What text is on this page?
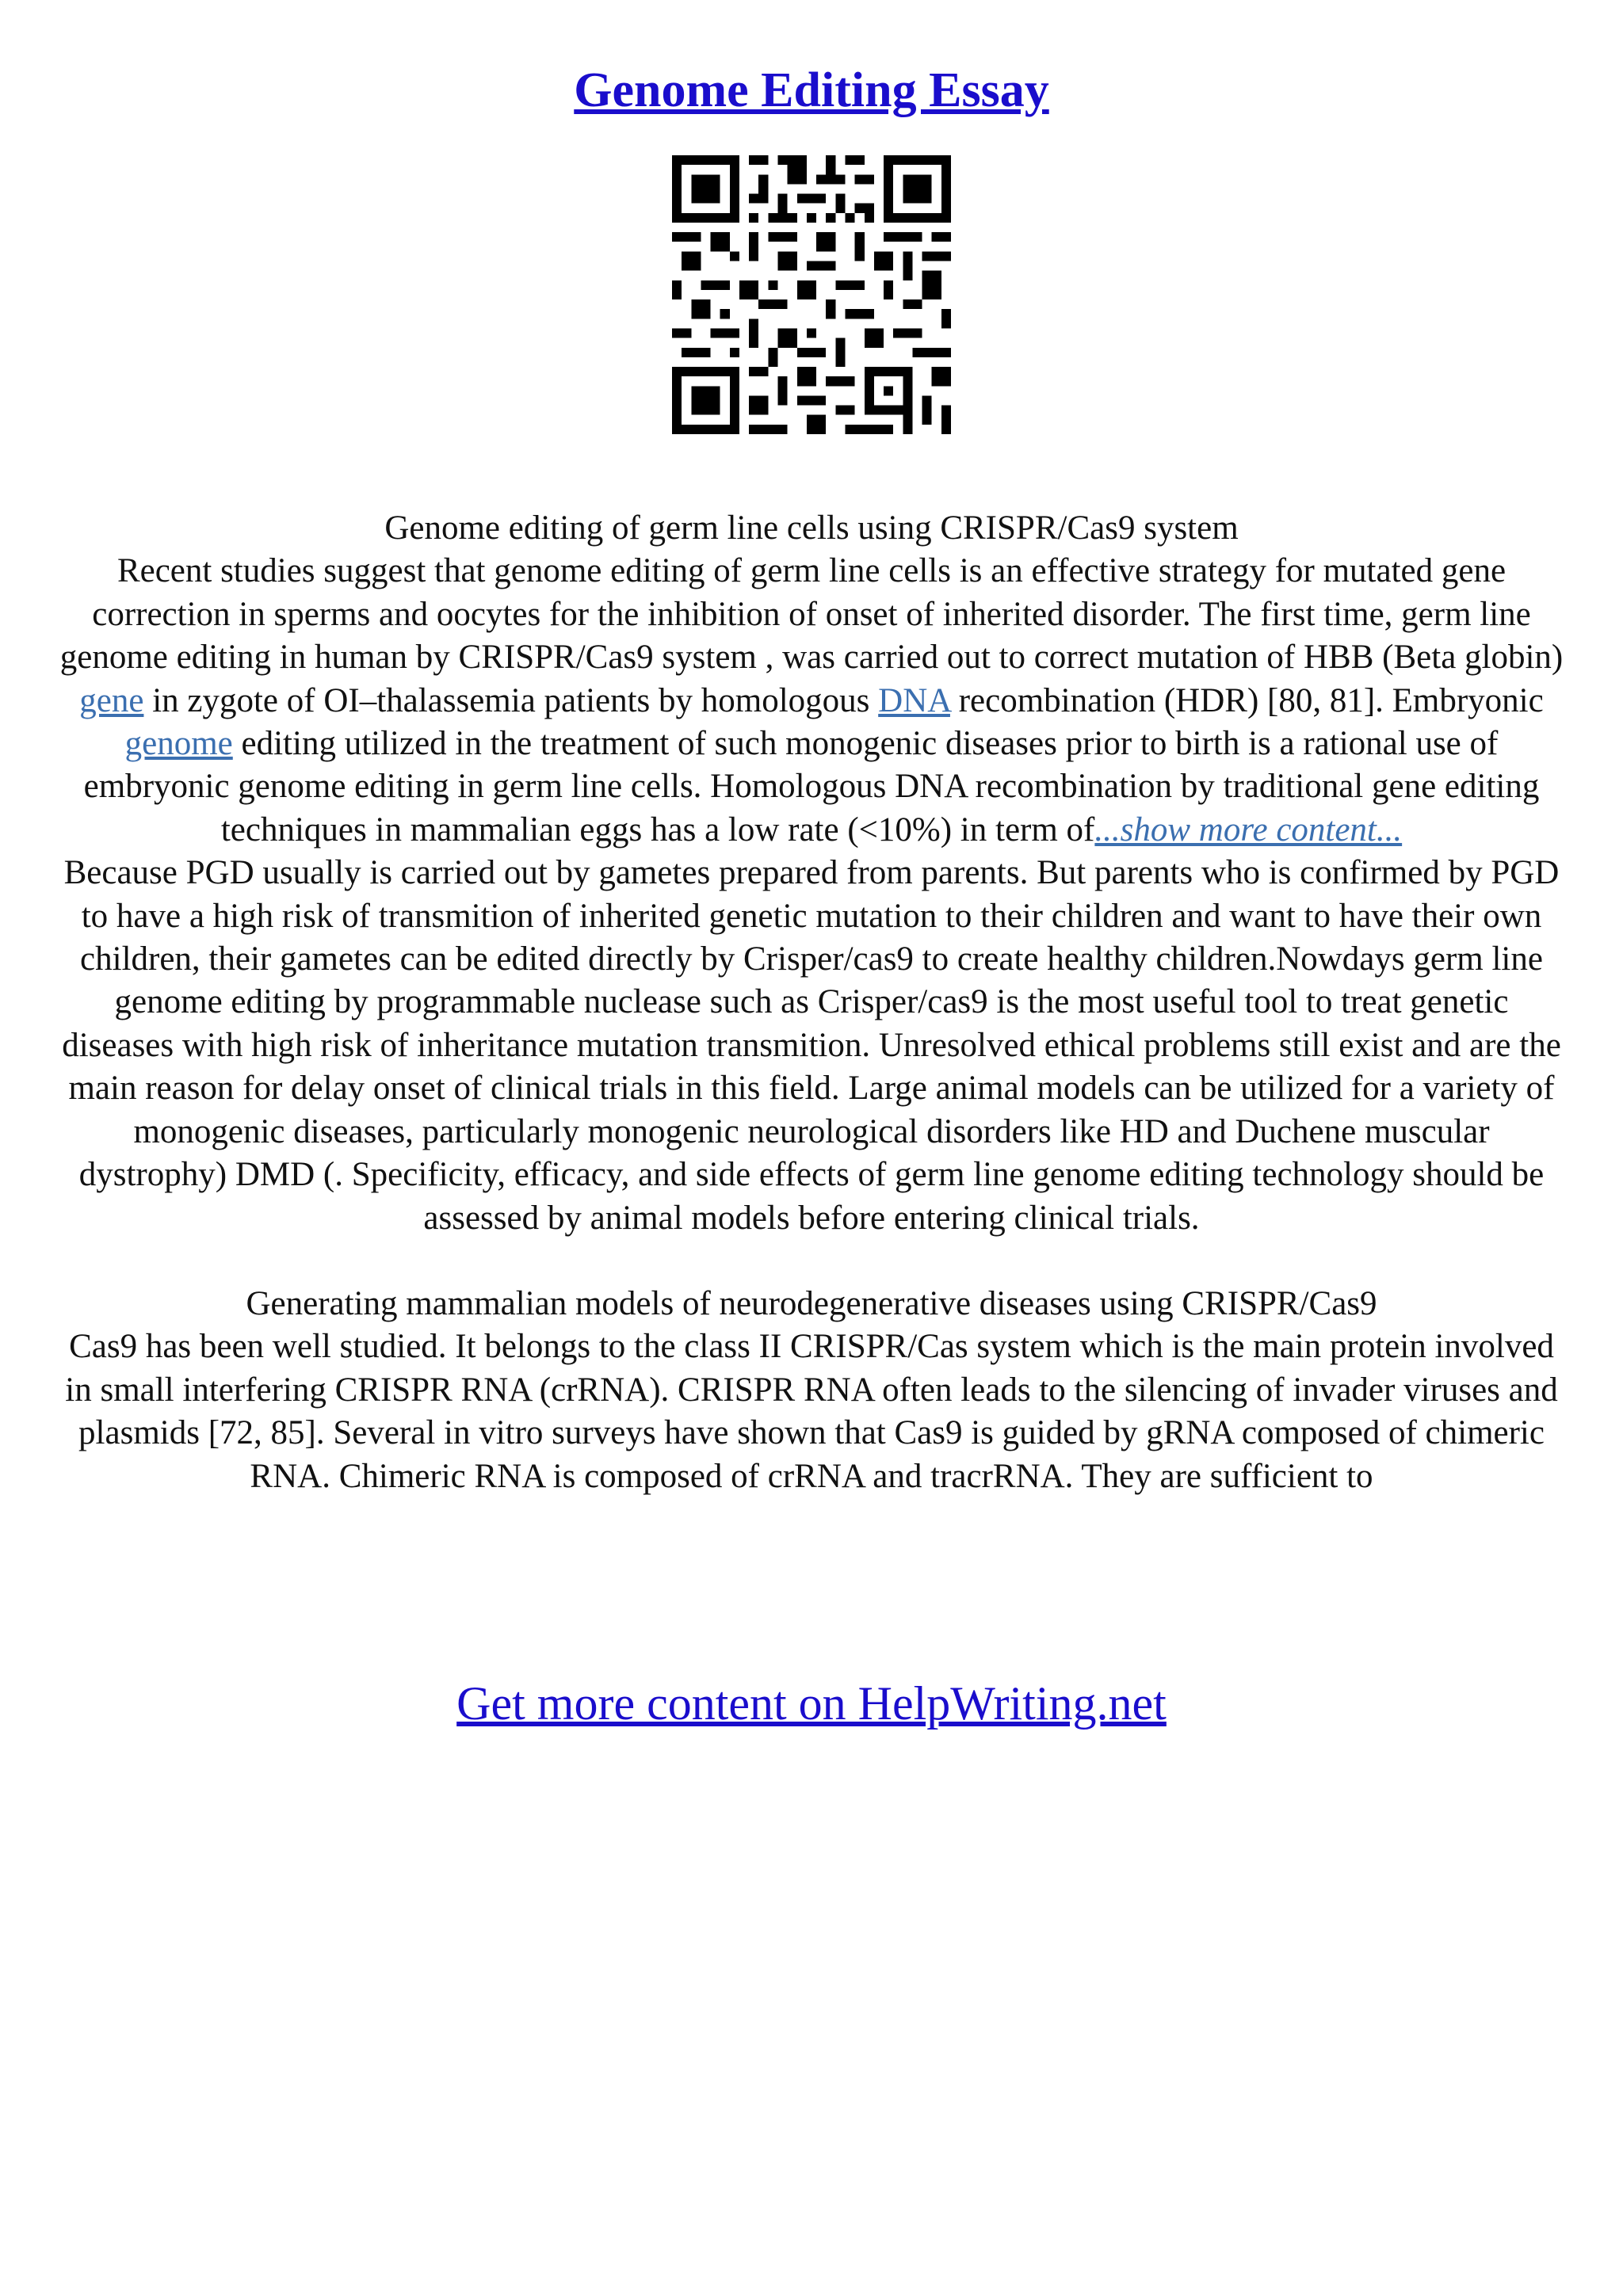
Genome Editing Essay

Genome editing of germ line cells using CRISPR/Cas9 system

Recent studies suggest that genome editing of germ line cells is an effective strategy for mutated gene correction in sperms and oocytes for the inhibition of onset of inherited disorder. The first time, germ line genome editing in human by CRISPR/Cas9 system , was carried out to correct mutation of HBB (Beta globin) gene in zygote of OI–thalassemia patients by homologous DNA recombination (HDR) [80, 81]. Embryonic genome editing utilized in the treatment of such monogenic diseases prior to birth is a rational use of embryonic genome editing in germ line cells. Homologous DNA recombination by traditional gene editing techniques in mammalian eggs has a low rate (<10%) in term of...show more content...

Because PGD usually is carried out by gametes prepared from parents. But parents who is confirmed by PGD to have a high risk of transmition of inherited genetic mutation to their children and want to have their own children, their gametes can be edited directly by Crisper/cas9 to create healthy children.Nowdays germ line genome editing by programmable nuclease such as Crisper/cas9 is the most useful tool to treat genetic diseases with high risk of inheritance mutation transmition. Unresolved ethical problems still exist and are the main reason for delay onset of clinical trials in this field. Large animal models can be utilized for a variety of monogenic diseases, particularly monogenic neurological disorders like HD and Duchene muscular dystrophy) DMD (. Specificity, efficacy, and side effects of germ line genome editing technology should be assessed by animal models before entering clinical trials.

Generating mammalian models of neurodegenerative diseases using CRISPR/Cas9

Cas9 has been well studied. It belongs to the class II CRISPR/Cas system which is the main protein involved in small interfering CRISPR RNA (crRNA). CRISPR RNA often leads to the silencing of invader viruses and plasmids [72, 85]. Several in vitro surveys have shown that Cas9 is guided by gRNA composed of chimeric RNA. Chimeric RNA is composed of crRNA and tracrRNA. They are sufficient to

Get more content on HelpWriting.net
